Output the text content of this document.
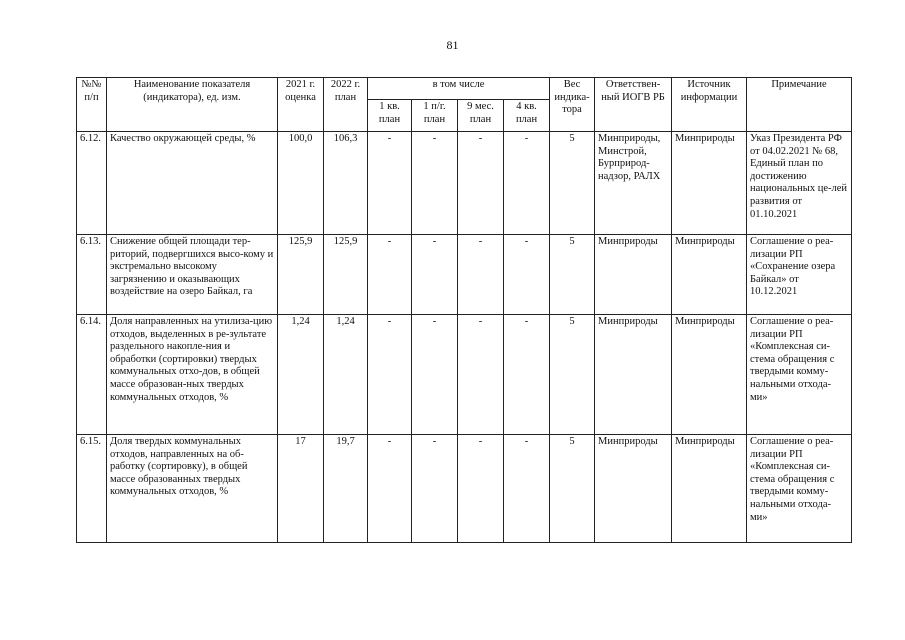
81
№№ п/п	Наименование показателя (индикатора), ед. изм.	2021 г. оценка	2022 г. план	в том числе				Вес индика-тора	Ответствен-ный ИОГВ РБ	Источник информации	Примечание
				1 кв. план	1 п/г. план	9 мес. план	4 кв. план				
6.12.	Качество окружающей среды, %	100,0	106,3	-	-	-	-	5	Минприроды, Минстрой, Бурприрод-надзор, РАЛХ	Минприроды	Указ Президента РФ от 04.02.2021 № 68, Единый план по достижению национальных це-лей развития от 01.10.2021
6.13.	Снижение общей площади тер-риторий, подвергшихся высо-кому и экстремально высокому загрязнению и оказывающих воздействие на озеро Байкал, га	125,9	125,9	-	-	-	-	5	Минприроды	Минприроды	Соглашение о реа-лизации РП «Сохранение озера Байкал» от 10.12.2021
6.14.	Доля направленных на утилиза-цию отходов, выделенных в ре-зультате раздельного накопле-ния и обработки (сортировки) твердых коммунальных отхо-дов, в общей массе образован-ных твердых коммунальных отходов, %	1,24	1,24	-	-	-	-	5	Минприроды	Минприроды	Соглашение о реа-лизации РП «Комплексная си-стема обращения с твердыми комму-нальными отхода-ми»
6.15.	Доля твердых коммунальных отходов, направленных на об-работку (сортировку), в общей массе образованных твердых коммунальных отходов, %	17	19,7	-	-	-	-	5	Минприроды	Минприроды	Соглашение о реа-лизации РП «Комплексная си-стема обращения с твердыми комму-нальными отхода-ми»
